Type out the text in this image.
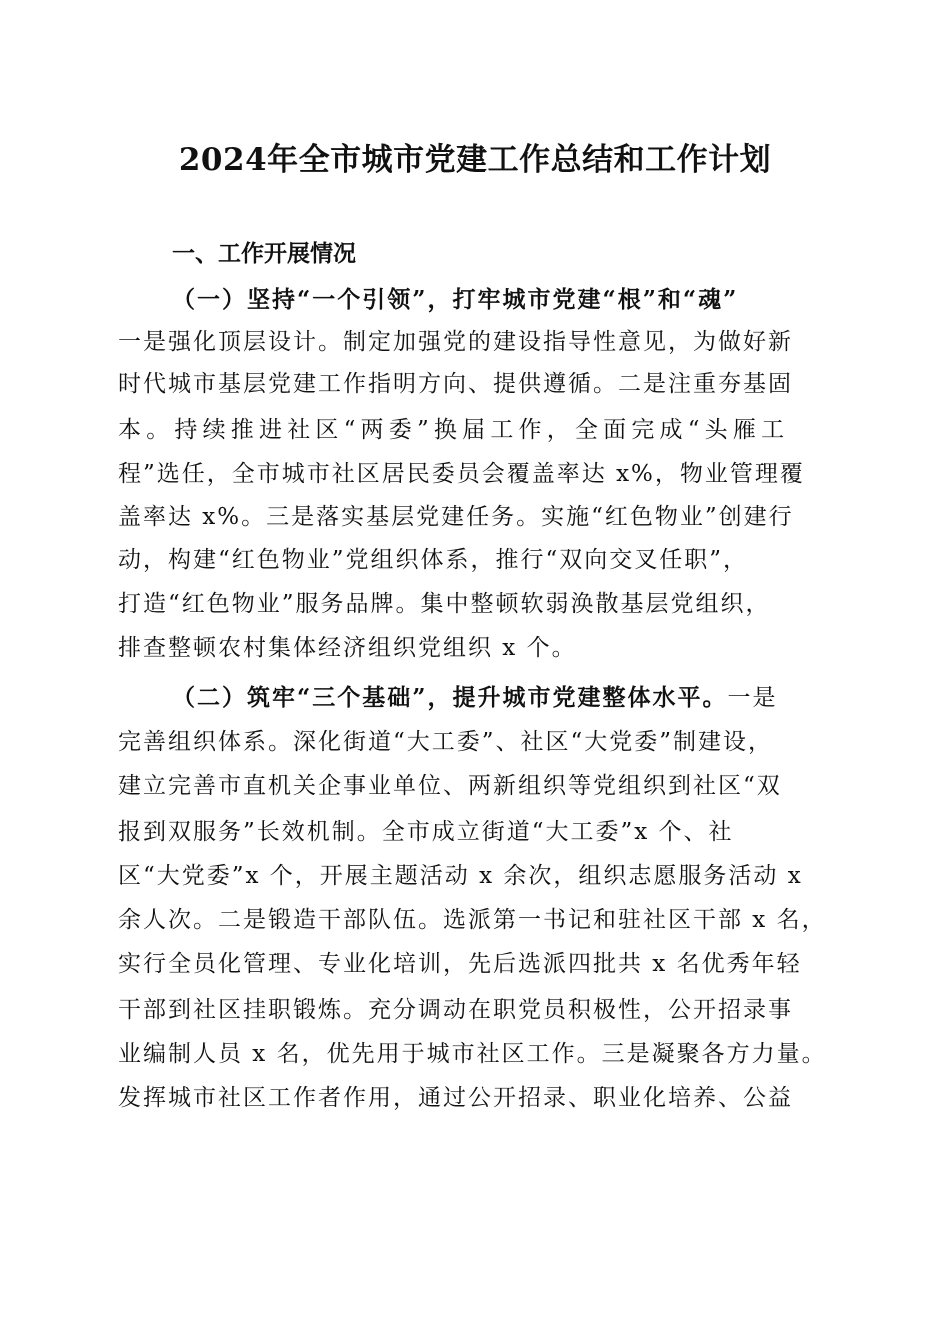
2024年全市城市党建工作总结和工作计划
一、工作开展情况
（一）坚持“一个引领”，打牢城市党建“根”和“魂”
一是强化顶层设计。制定加强党的建设指导性意见，为做好新
时代城市基层党建工作指明方向、提供遵循。二是注重夯基固
本。持续推进社区“两委”换届工作，全面完成“头雁工
程”选任，全市城市社区居民委员会覆盖率达 x%，物业管理覆
盖率达 x%。三是落实基层党建任务。实施“红色物业”创建行
动，构建“红色物业”党组织体系，推行“双向交叉任职”，
打造“红色物业”服务品牌。集中整顿软弱涣散基层党组织，
排查整顿农村集体经济组织党组织 x 个。
（二）筑牢“三个基础”，提升城市党建整体水平。一是
完善组织体系。深化街道“大工委”、社区“大党委”制建设，
建立完善市直机关企事业单位、两新组织等党组织到社区“双
报到双服务”长效机制。全市成立街道“大工委”x 个、社
区“大党委”x 个，开展主题活动 x 余次，组织志愿服务活动 x
余人次。二是锻造干部队伍。选派第一书记和驻社区干部 x 名，
实行全员化管理、专业化培训，先后选派四批共 x 名优秀年轻
干部到社区挂职锻炼。充分调动在职党员积极性，公开招录事
业编制人员 x 名，优先用于城市社区工作。三是凝聚各方力量。
发挥城市社区工作者作用，通过公开招录、职业化培养、公益
